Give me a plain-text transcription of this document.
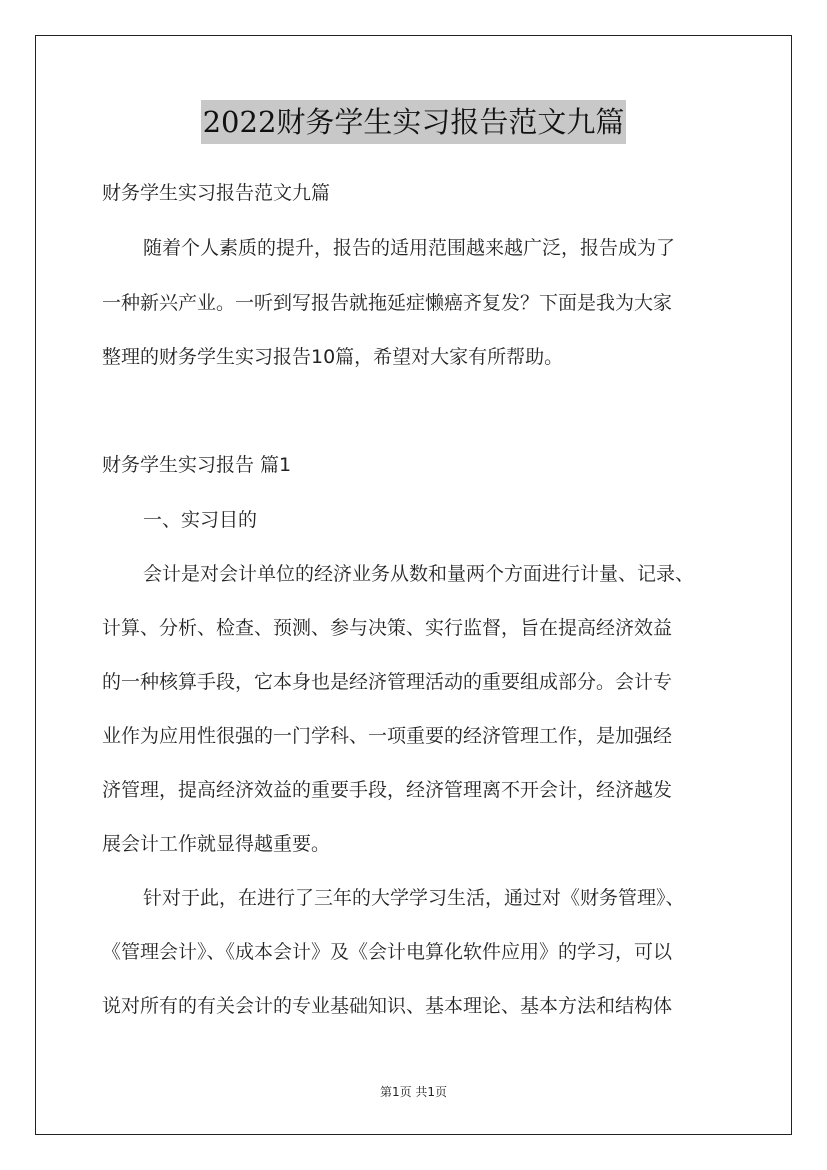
2022财务学生实习报告范文九篇
财务学生实习报告范文九篇
随着个人素质的提升，报告的适用范围越来越广泛，报告成为了
一种新兴产业。一听到写报告就拖延症懒癌齐复发？下面是我为大家
整理的财务学生实习报告10篇，希望对大家有所帮助。
财务学生实习报告 篇1
一、实习目的
会计是对会计单位的经济业务从数和量两个方面进行计量、记录、
计算、分析、检查、预测、参与决策、实行监督，旨在提高经济效益
的一种核算手段，它本身也是经济管理活动的重要组成部分。会计专
业作为应用性很强的一门学科、一项重要的经济管理工作，是加强经
济管理，提高经济效益的重要手段，经济管理离不开会计，经济越发
展会计工作就显得越重要。
针对于此，在进行了三年的大学学习生活，通过对《财务管理》、
《管理会计》、《成本会计》及《会计电算化软件应用》的学习，可以
说对所有的有关会计的专业基础知识、基本理论、基本方法和结构体
第1页 共1页
